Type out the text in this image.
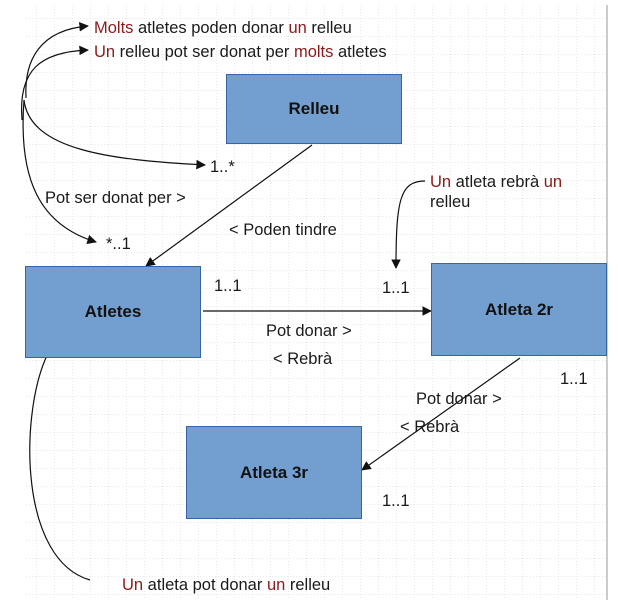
Relleu
Atletes	Atleta 2r
Atleta 3r
Molts atletes poden donar un relleu
Un relleu pot ser donat per molts atletes
Un atleta rebrà un
relleu
Un atleta pot donar un relleu
Pot ser donat per >
< Poden tindre
Pot donar >
< Rebrà
Pot donar >
< Rebrà
1..*
*..1
1..1	1..1
1..1
1..1
